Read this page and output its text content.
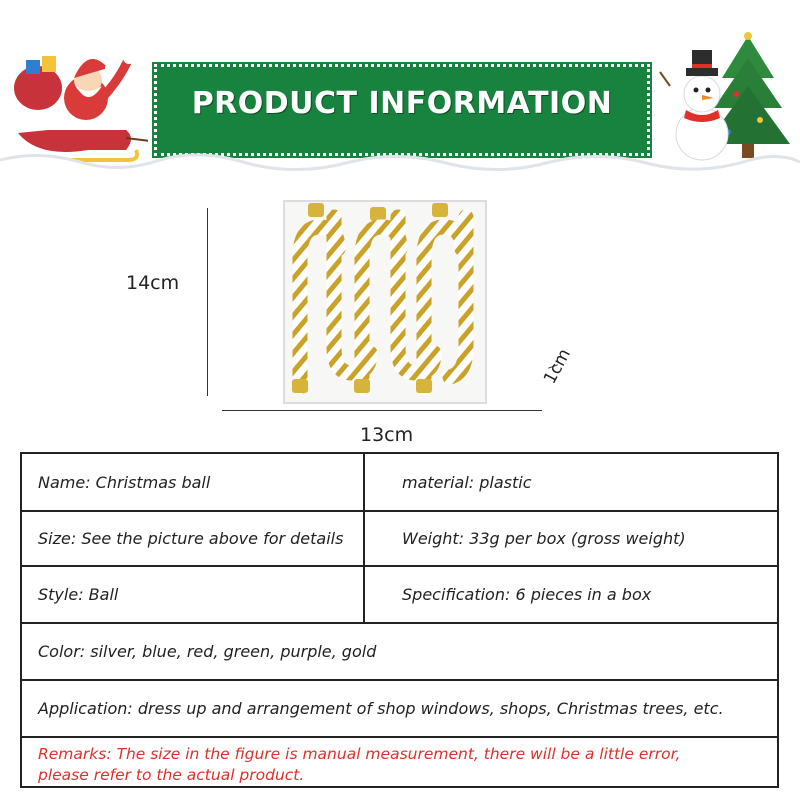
PRODUCT INFORMATION
14cm
13cm
1cm
Name: Christmas ball	material: plastic
Size: See the picture above for details	Weight: 33g per box (gross weight)
Style: Ball	Specification: 6 pieces in a box
Color: silver, blue, red, green, purple, gold
Application: dress up and arrangement of shop windows, shops, Christmas trees, etc.
Remarks: The size in the figure is manual measurement, there will be a little error,
please refer to the actual product.
